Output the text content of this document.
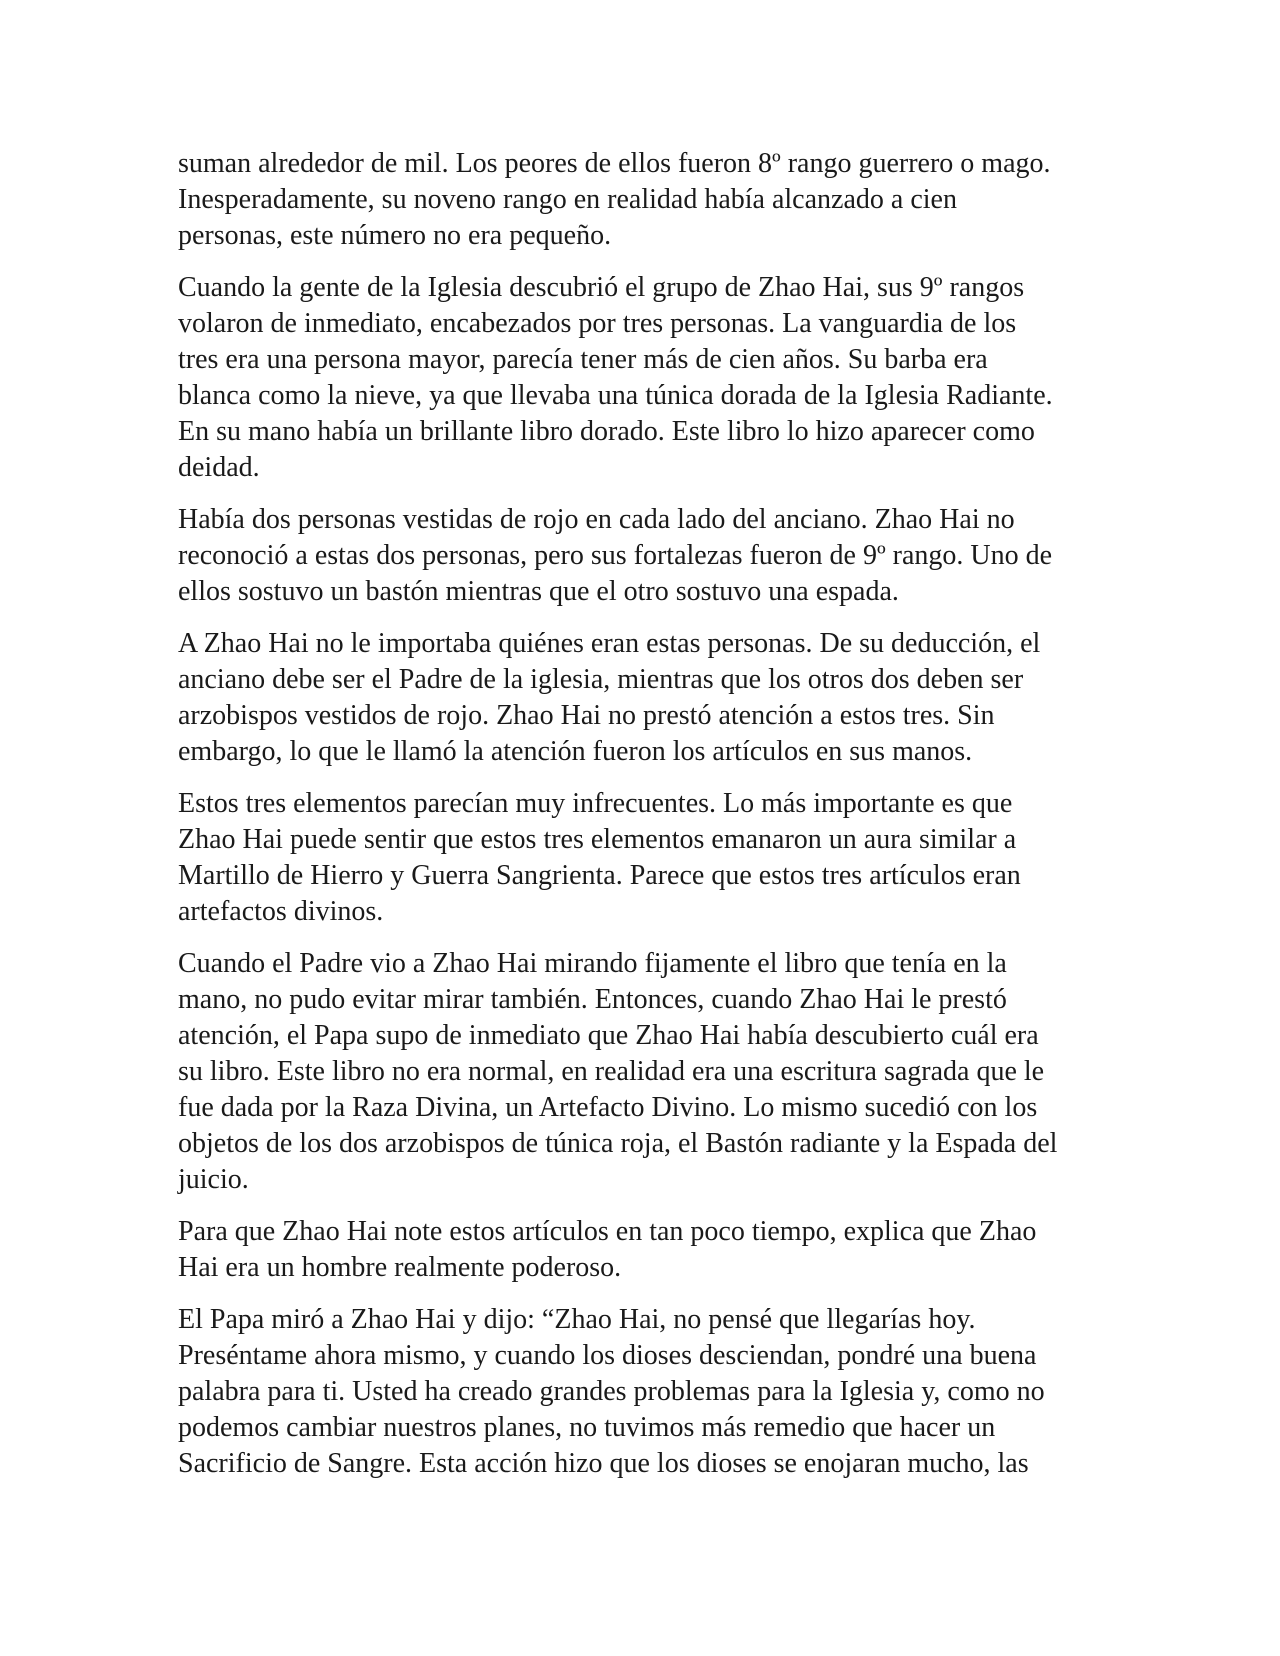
suman alrededor de mil. Los peores de ellos fueron 8º rango guerrero o mago.
Inesperadamente, su noveno rango en realidad había alcanzado a cien
personas, este número no era pequeño.

Cuando la gente de la Iglesia descubrió el grupo de Zhao Hai, sus 9º rangos
volaron de inmediato, encabezados por tres personas. La vanguardia de los
tres era una persona mayor, parecía tener más de cien años. Su barba era
blanca como la nieve, ya que llevaba una túnica dorada de la Iglesia Radiante.
En su mano había un brillante libro dorado. Este libro lo hizo aparecer como
deidad.

Había dos personas vestidas de rojo en cada lado del anciano. Zhao Hai no
reconoció a estas dos personas, pero sus fortalezas fueron de 9º rango. Uno de
ellos sostuvo un bastón mientras que el otro sostuvo una espada.

A Zhao Hai no le importaba quiénes eran estas personas. De su deducción, el
anciano debe ser el Padre de la iglesia, mientras que los otros dos deben ser
arzobispos vestidos de rojo. Zhao Hai no prestó atención a estos tres. Sin
embargo, lo que le llamó la atención fueron los artículos en sus manos.

Estos tres elementos parecían muy infrecuentes. Lo más importante es que
Zhao Hai puede sentir que estos tres elementos emanaron un aura similar a
Martillo de Hierro y Guerra Sangrienta. Parece que estos tres artículos eran
artefactos divinos.

Cuando el Padre vio a Zhao Hai mirando fijamente el libro que tenía en la
mano, no pudo evitar mirar también. Entonces, cuando Zhao Hai le prestó
atención, el Papa supo de inmediato que Zhao Hai había descubierto cuál era
su libro. Este libro no era normal, en realidad era una escritura sagrada que le
fue dada por la Raza Divina, un Artefacto Divino. Lo mismo sucedió con los
objetos de los dos arzobispos de túnica roja, el Bastón radiante y la Espada del
juicio.

Para que Zhao Hai note estos artículos en tan poco tiempo, explica que Zhao
Hai era un hombre realmente poderoso.

El Papa miró a Zhao Hai y dijo: “Zhao Hai, no pensé que llegarías hoy.
Preséntame ahora mismo, y cuando los dioses desciendan, pondré una buena
palabra para ti. Usted ha creado grandes problemas para la Iglesia y, como no
podemos cambiar nuestros planes, no tuvimos más remedio que hacer un
Sacrificio de Sangre. Esta acción hizo que los dioses se enojaran mucho, las
